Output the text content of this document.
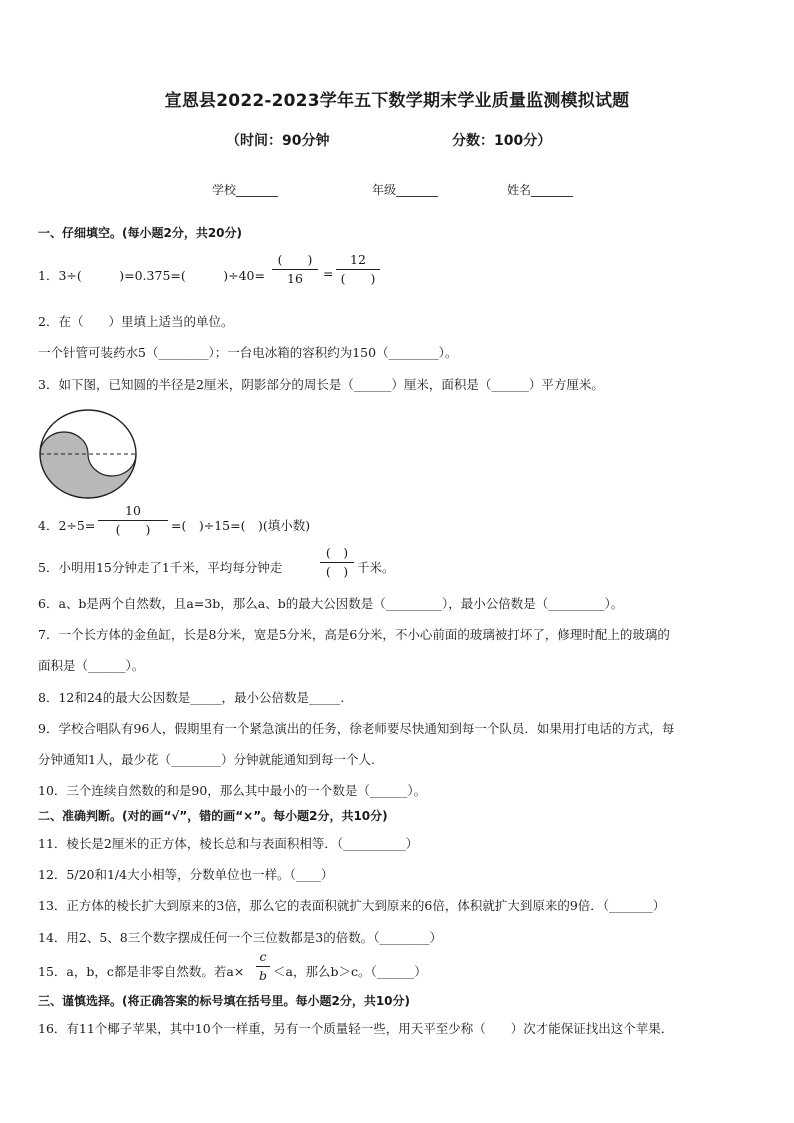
宣恩县2022-2023学年五下数学期末学业质量监测模拟试题
（时间：90分钟	分数：100分）
学校_______	年级_______	姓名_______
一、仔细填空。(每小题2分，共20分)
1．3÷(　　　)=0.375=(　　　)÷40=
(　　)
16	=
12
(　　)
2．在（　　）里填上适当的单位。
一个针管可装药水5（________）；一台电冰箱的容积约为150（________）。
3．如下图，已知圆的半径是2厘米，阴影部分的周长是（______）厘米，面积是（______）平方厘米。
4．2÷5=
10
(　　)	=(　)÷15=(　)(填小数)
5．小明用15分钟走了1千米，平均每分钟走
(　)
(　) 千米。
6．a、b是两个自然数，且a=3b，那么a、b的最大公因数是（_________），最小公倍数是（_________）。
7．一个长方体的金鱼缸，长是8分米，宽是5分米，高是6分米，不小心前面的玻璃被打坏了，修理时配上的玻璃的
面积是（______）。
8．12和24的最大公因数是_____，最小公倍数是_____.
9．学校合唱队有96人，假期里有一个紧急演出的任务，徐老师要尽快通知到每一个队员．如果用打电话的方式，每
分钟通知1人，最少花（________）分钟就能通知到每一个人.
10．三个连续自然数的和是90，那么其中最小的一个数是（______）。
二、准确判断。(对的画“√”，错的画“×”。每小题2分，共10分)
11．棱长是2厘米的正方体，棱长总和与表面积相等．（__________）
12．5/20和1/4大小相等，分数单位也一样。（____）
13．正方体的棱长扩大到原来的3倍，那么它的表面积就扩大到原来的6倍，体积就扩大到原来的9倍．（_______）
14．用2、5、8三个数字摆成任何一个三位数都是3的倍数。（________）
15．a，b，c都是非零自然数。若a×
c
b ＜a，那么b＞c。（______）
三、谨慎选择。(将正确答案的标号填在括号里。每小题2分，共10分)
16．有11个椰子苹果，其中10个一样重，另有一个质量轻一些，用天平至少称（　　）次才能保证找出这个苹果．
